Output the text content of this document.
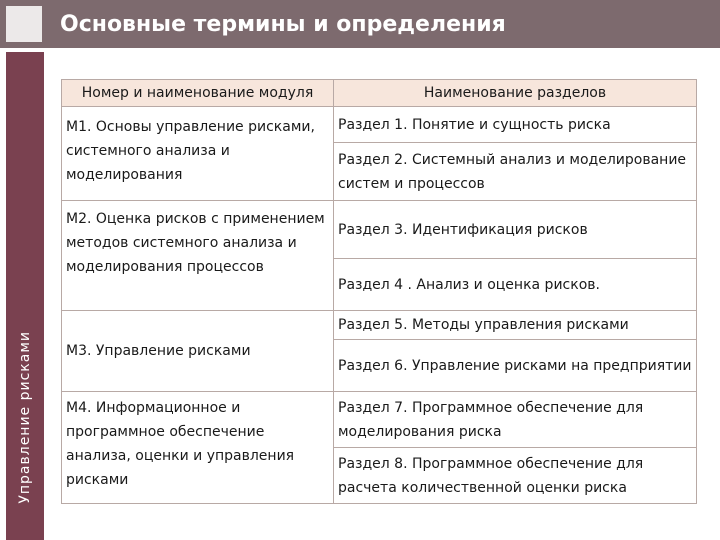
Управление рисками
Основные термины и определения
Номер и наименование модуля	Наименование разделов

М1. Основы управление рисками, системного анализа и моделирования	Раздел 1. Понятие и сущность риска

	Раздел 2. Системный анализ и моделирование систем и процессов

М2. Оценка рисков с применением методов системного анализа и моделирования процессов	Раздел 3. Идентификация рисков

	Раздел 4 . Анализ и оценка рисков.

М3. Управление рисками	Раздел 5. Методы управления рисками

	Раздел 6. Управление рисками на предприятии

М4. Информационное и программное обеспечение анализа, оценки и управления рисками	Раздел 7. Программное обеспечение для моделирования риска

	Раздел 8. Программное обеспечение для расчета количественной оценки риска
